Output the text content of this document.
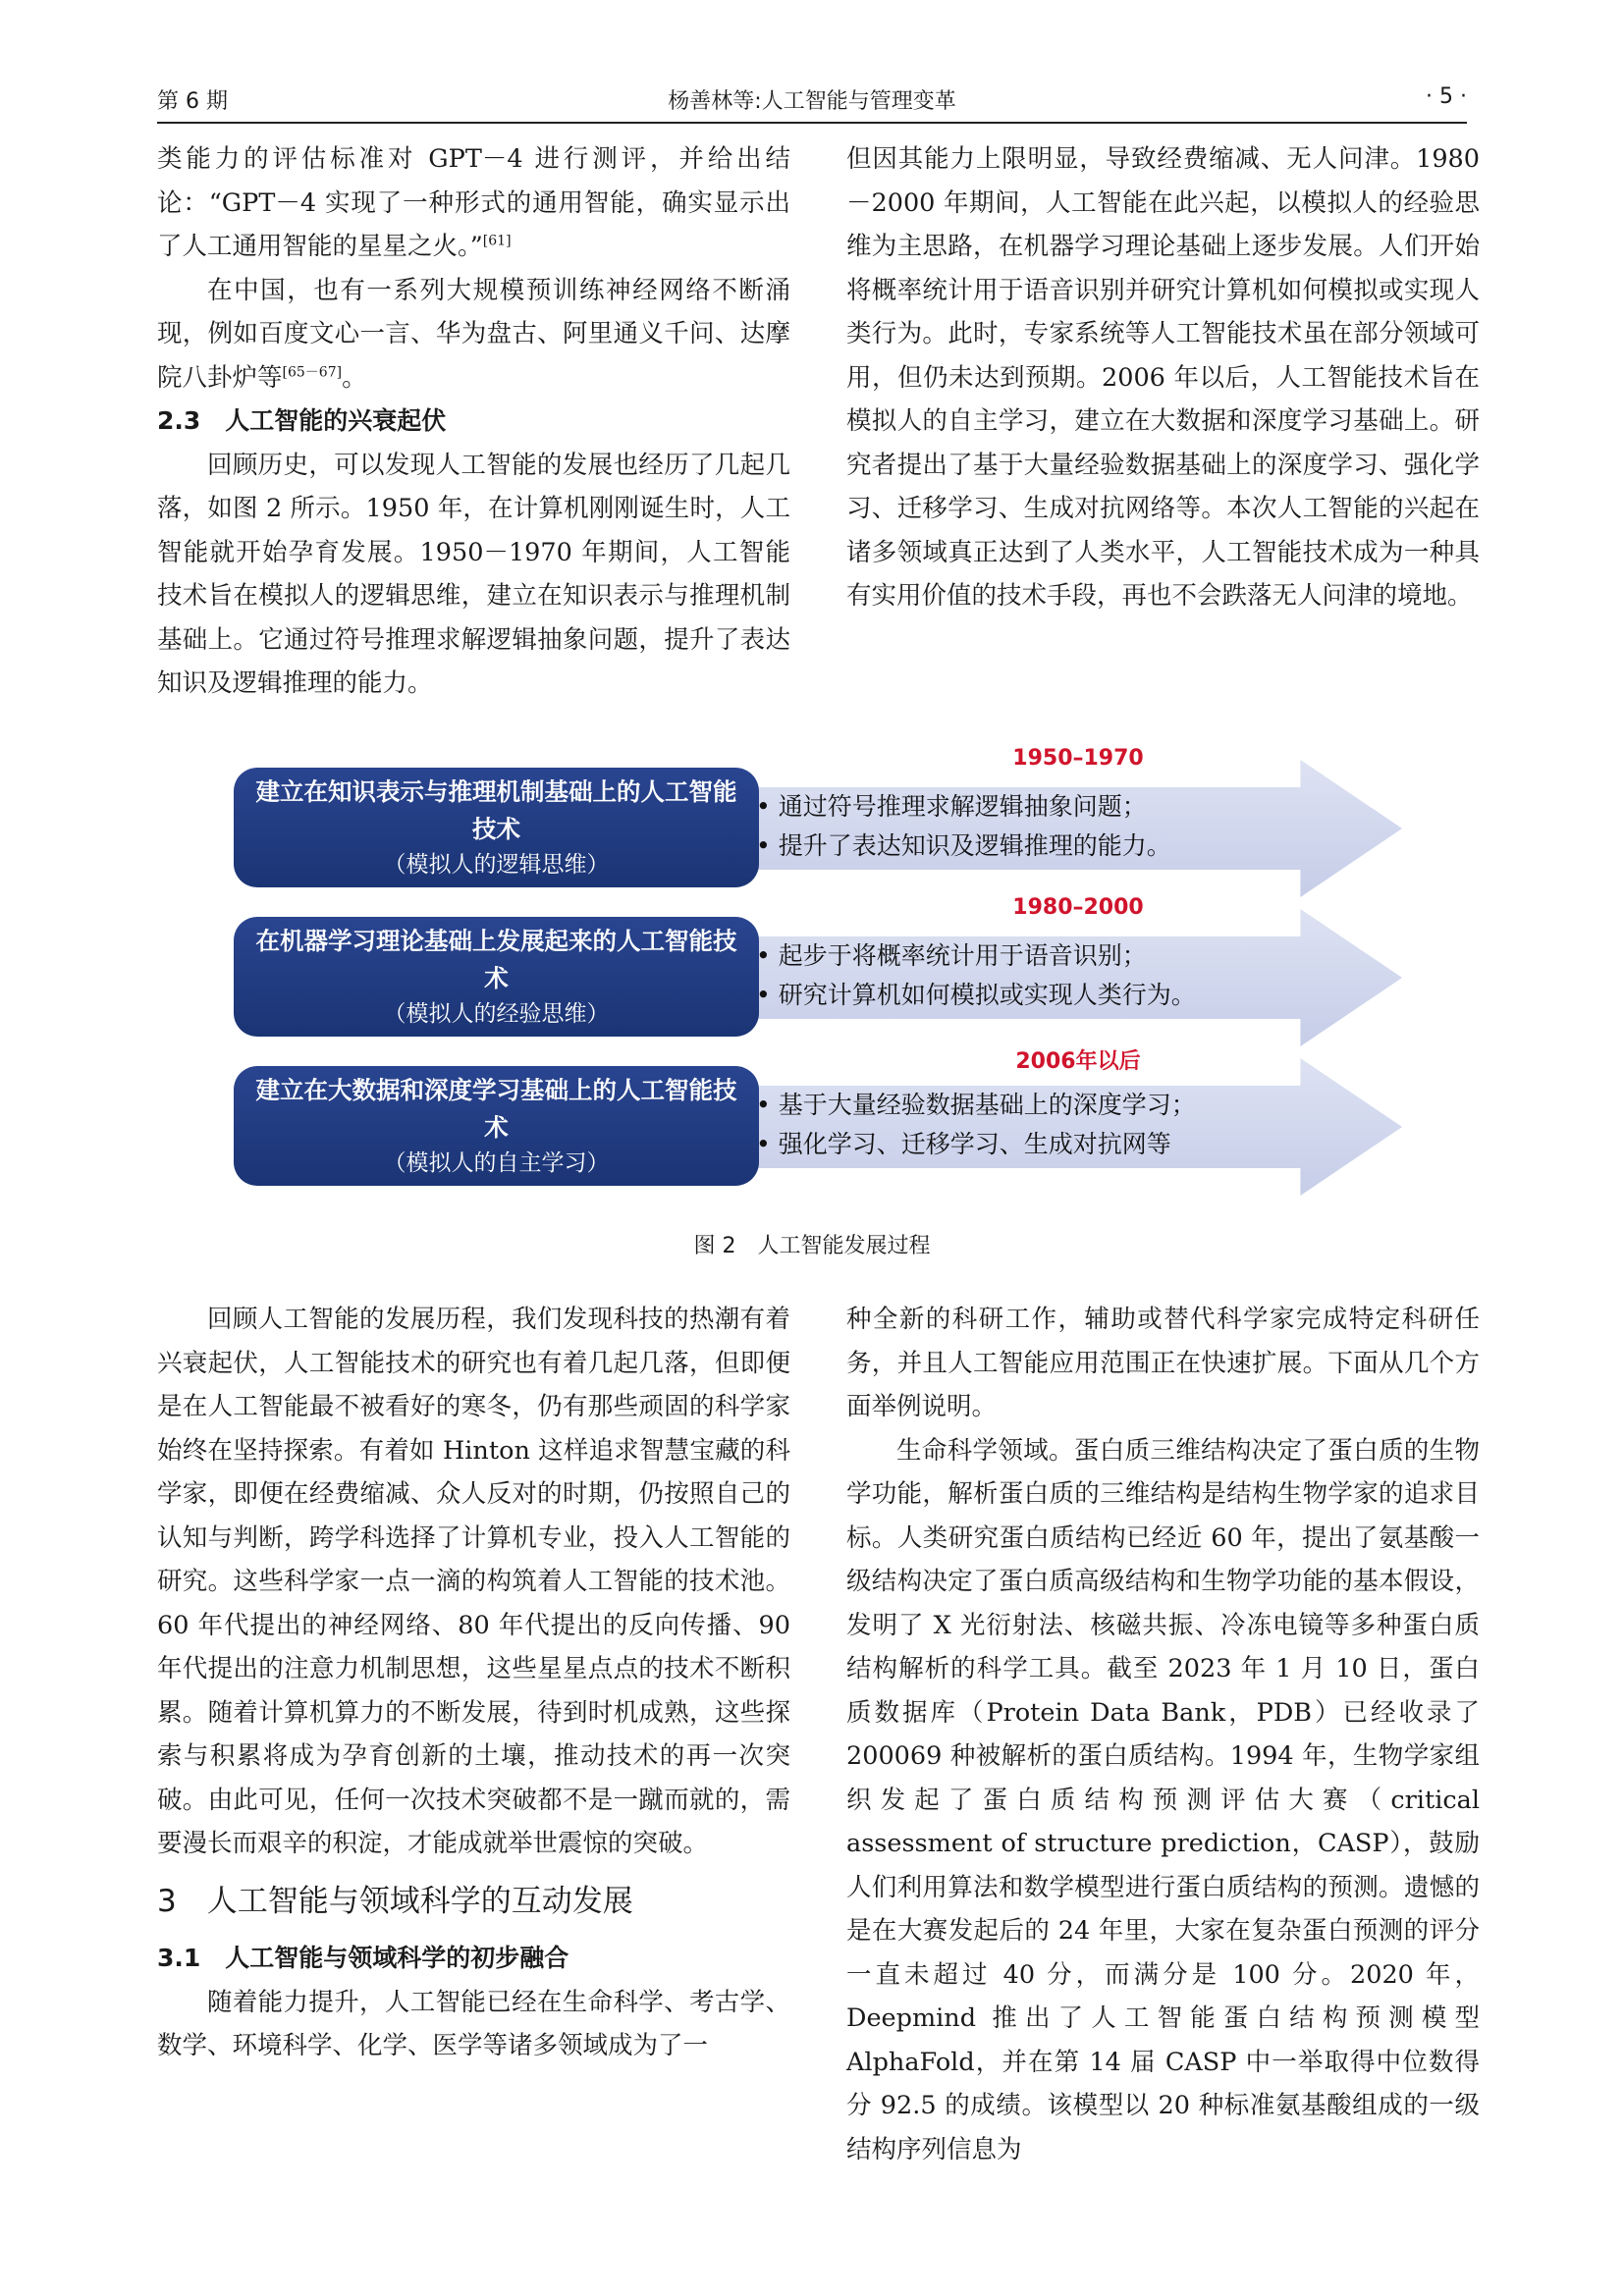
第 6 期	杨善林等:人工智能与管理变革	· 5 ·

类能力的评估标准对 GPT－4 进行测评，并给出结论：“GPT－4 实现了一种形式的通用智能，确实显示出了人工通用智能的星星之火。”[61]

在中国，也有一系列大规模预训练神经网络不断涌现，例如百度文心一言、华为盘古、阿里通义千问、达摩院八卦炉等[65－67]。

2.3　人工智能的兴衰起伏

回顾历史，可以发现人工智能的发展也经历了几起几落，如图 2 所示。1950 年，在计算机刚刚诞生时，人工智能就开始孕育发展。1950－1970 年期间，人工智能技术旨在模拟人的逻辑思维，建立在知识表示与推理机制基础上。它通过符号推理求解逻辑抽象问题，提升了表达知识及逻辑推理的能力。

但因其能力上限明显，导致经费缩减、无人问津。1980－2000 年期间，人工智能在此兴起，以模拟人的经验思维为主思路，在机器学习理论基础上逐步发展。人们开始将概率统计用于语音识别并研究计算机如何模拟或实现人类行为。此时，专家系统等人工智能技术虽在部分领域可用，但仍未达到预期。2006 年以后，人工智能技术旨在模拟人的自主学习，建立在大数据和深度学习基础上。研究者提出了基于大量经验数据基础上的深度学习、强化学习、迁移学习、生成对抗网络等。本次人工智能的兴起在诸多领域真正达到了人类水平，人工智能技术成为一种具有实用价值的技术手段，再也不会跌落无人问津的境地。

1950–1970
建立在知识表示与推理机制基础上的人工智能技术
（模拟人的逻辑思维）
• 通过符号推理求解逻辑抽象问题；
• 提升了表达知识及逻辑推理的能力。
1980–2000
在机器学习理论基础上发展起来的人工智能技术
（模拟人的经验思维）
• 起步于将概率统计用于语音识别；
• 研究计算机如何模拟或实现人类行为。
2006年以后
建立在大数据和深度学习基础上的人工智能技术
（模拟人的自主学习）
• 基于大量经验数据基础上的深度学习；
• 强化学习、迁移学习、生成对抗网等
图 2　人工智能发展过程

回顾人工智能的发展历程，我们发现科技的热潮有着兴衰起伏，人工智能技术的研究也有着几起几落，但即便是在人工智能最不被看好的寒冬，仍有那些顽固的科学家始终在坚持探索。有着如 Hinton 这样追求智慧宝藏的科学家，即便在经费缩减、众人反对的时期，仍按照自己的认知与判断，跨学科选择了计算机专业，投入人工智能的研究。这些科学家一点一滴的构筑着人工智能的技术池。60 年代提出的神经网络、80 年代提出的反向传播、90 年代提出的注意力机制思想，这些星星点点的技术不断积累。随着计算机算力的不断发展，待到时机成熟，这些探索与积累将成为孕育创新的土壤，推动技术的再一次突破。由此可见，任何一次技术突破都不是一蹴而就的，需要漫长而艰辛的积淀，才能成就举世震惊的突破。

3　人工智能与领域科学的互动发展

3.1　人工智能与领域科学的初步融合

随着能力提升，人工智能已经在生命科学、考古学、数学、环境科学、化学、医学等诸多领域成为了一

种全新的科研工作，辅助或替代科学家完成特定科研任务，并且人工智能应用范围正在快速扩展。下面从几个方面举例说明。

生命科学领域。蛋白质三维结构决定了蛋白质的生物学功能，解析蛋白质的三维结构是结构生物学家的追求目标。人类研究蛋白质结构已经近 60 年，提出了氨基酸一级结构决定了蛋白质高级结构和生物学功能的基本假设，发明了 X 光衍射法、核磁共振、冷冻电镜等多种蛋白质结构解析的科学工具。截至 2023 年 1 月 10 日，蛋白质数据库（Protein Data Bank，PDB）已经收录了 200069 种被解析的蛋白质结构。1994 年，生物学家组织发起了蛋白质结构预测评估大赛（critical assessment of structure prediction，CASP），鼓励人们利用算法和数学模型进行蛋白质结构的预测。遗憾的是在大赛发起后的 24 年里，大家在复杂蛋白预测的评分一直未超过 40 分，而满分是 100 分。2020 年，Deepmind 推出了人工智能蛋白结构预测模型 AlphaFold，并在第 14 届 CASP 中一举取得中位数得分 92.5 的成绩。该模型以 20 种标准氨基酸组成的一级结构序列信息为
